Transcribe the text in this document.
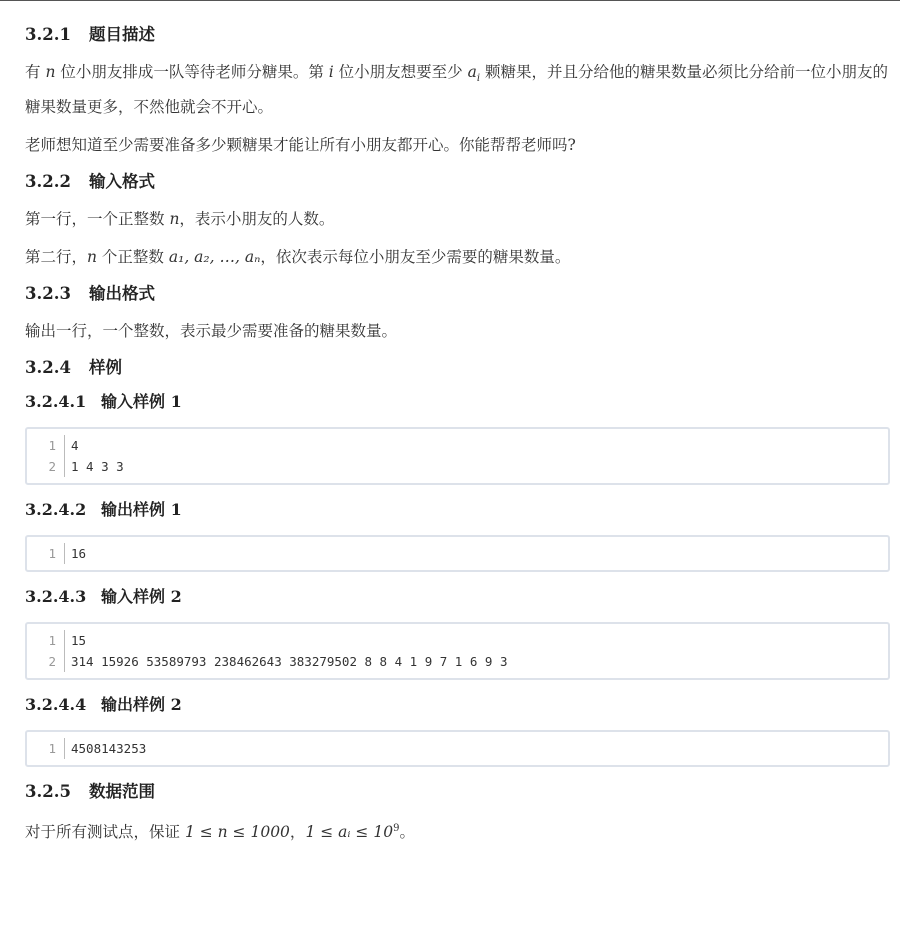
3.2.1 题目描述

有 n 位小朋友排成一队等待老师分糖果。第 i 位小朋友想要至少 $a_i$ 颗糖果，并且分给他的糖果数量必须比分给前一位小朋友的糖果数量更多，不然他就会不开心。

老师想知道至少需要准备多少颗糖果才能让所有小朋友都开心。你能帮帮老师吗?

3.2.2 输入格式

第一行，一个正整数 n，表示小朋友的人数。

第二行，n 个正整数 a₁, a₂, …, aₙ，依次表示每位小朋友至少需要的糖果数量。

3.2.3 输出格式

输出一行，一个整数，表示最少需要准备的糖果数量。

3.2.4 样例
3.2.4.1 输入样例 1
1	4
2	1 4 3 3
3.2.4.2 输出样例 1
1	16
3.2.4.3 输入样例 2
1	15
2	314 15926 53589793 238462643 383279502 8 8 4 1 9 7 1 6 9 3
3.2.4.4 输出样例 2
1	4508143253
3.2.5 数据范围

对于所有测试点，保证 1 ≤ n ≤ 1000，1 ≤ aᵢ ≤ $10^9$。
